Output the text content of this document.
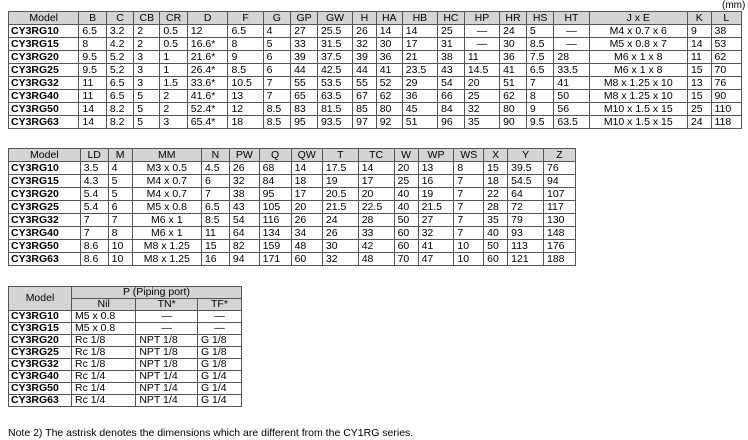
(mm)
Model	B	C	CB	CR	D	F	G	GP	GW	H	HA	HB	HC	HP	HR	HS	HT	J x E	K	L
CY3RG10	6.5	3.2	2	0.5	12	6.5	4	27	25.5	26	14	14	25	—	24	5	—	M4 x 0.7 x 6	9	38
CY3RG15	8	4.2	2	0.5	16.6*	8	5	33	31.5	32	30	17	31	—	30	8.5	—	M5 x 0.8 x 7	14	53
CY3RG20	9.5	5.2	3	1	21.6*	9	6	39	37.5	39	36	21	38	11	36	7.5	28	M6 x 1 x 8	11	62
CY3RG25	9.5	5.2	3	1	26.4*	8.5	6	44	42.5	44	41	23.5	43	14.5	41	6.5	33.5	M6 x 1 x 8	15	70
CY3RG32	11	6.5	3	1.5	33.6*	10.5	7	55	53.5	55	52	29	54	20	51	7	41	M8 x 1.25 x 10	13	76
CY3RG40	11	6.5	5	2	41.6*	13	7	65	63.5	67	62	36	66	25	62	8	50	M8 x 1.25 x 10	15	90
CY3RG50	14	8.2	5	2	52.4*	12	8.5	83	81.5	85	80	45	84	32	80	9	56	M10 x 1.5 x 15	25	110
CY3RG63	14	8.2	5	3	65.4*	18	8.5	95	93.5	97	92	51	96	35	90	9.5	63.5	M10 x 1.5 x 15	24	118
Model	LD	M	MM	N	PW	Q	QW	T	TC	W	WP	WS	X	Y	Z
CY3RG10	3.5	4	M3 x 0.5	4.5	26	68	14	17.5	14	20	13	8	15	39.5	76
CY3RG15	4.3	5	M4 x 0.7	6	32	84	18	19	17	25	16	7	18	54.5	94
CY3RG20	5.4	5	M4 x 0.7	7	38	95	17	20.5	20	40	19	7	22	64	107
CY3RG25	5.4	6	M5 x 0.8	6.5	43	105	20	21.5	22.5	40	21.5	7	28	72	117
CY3RG32	7	7	M6 x 1	8.5	54	116	26	24	28	50	27	7	35	79	130
CY3RG40	7	8	M6 x 1	11	64	134	34	26	33	60	32	7	40	93	148
CY3RG50	8.6	10	M8 x 1.25	15	82	159	48	30	42	60	41	10	50	113	176
CY3RG63	8.6	10	M8 x 1.25	16	94	171	60	32	48	70	47	10	60	121	188
Model	P (Piping port)		
	Nil	TN*	TF*
CY3RG10	M5 x 0.8	—	—
CY3RG15	M5 x 0.8	—	—
CY3RG20	Rc 1/8	NPT 1/8	G 1/8
CY3RG25	Rc 1/8	NPT 1/8	G 1/8
CY3RG32	Rc 1/8	NPT 1/8	G 1/8
CY3RG40	Rc 1/4	NPT 1/4	G 1/4
CY3RG50	Rc 1/4	NPT 1/4	G 1/4
CY3RG63	Rc 1/4	NPT 1/4	G 1/4
Note 2) The astrisk denotes the dimensions which are different from the CY1RG series.
